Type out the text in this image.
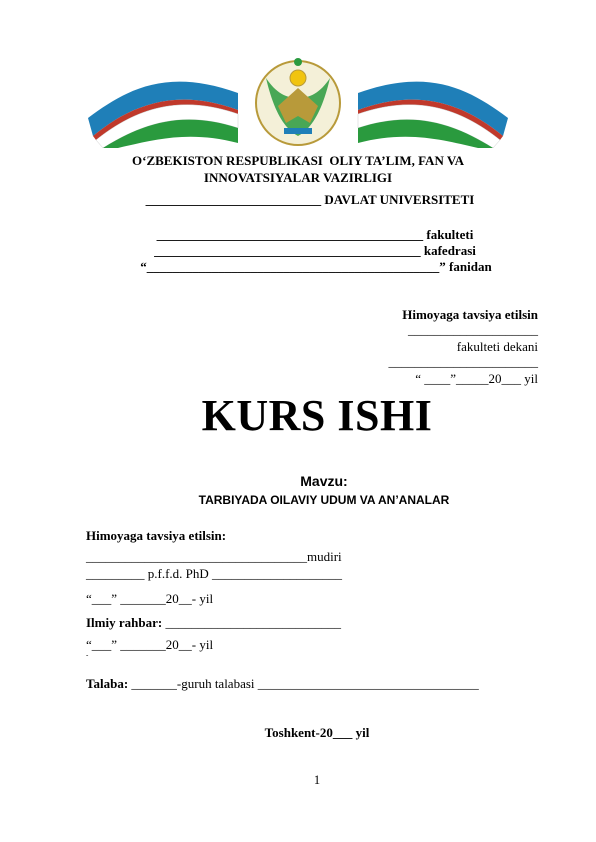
O‘ZBEKISTON RESPUBLIKASI  OLIY TA’LIM, FAN VA
INNOVATSIYALAR VAZIRLIGI
___________________________ DAVLAT UNIVERSITETI
_________________________________________ fakulteti
_________________________________________ kafedrasi
“_____________________________________________” fanidan
Himoyaga tavsiya etilsin
____________________
fakulteti dekani
_______________________
“ ____”_____20___ yil
KURS ISHI

Mavzu:
TARBIYADA OILAVIY UDUM VA AN’ANALAR

Himoyaga tavsiya etilsin:
__________________________________mudiri
_________ p.f.f.d. PhD ____________________
“___” _______20__- yil
Ilmiy rahbar: ___________________________
“___” _______20__- yil
-
Talaba: _______-guruh talabasi __________________________________
Toshkent-20___ yil
1
